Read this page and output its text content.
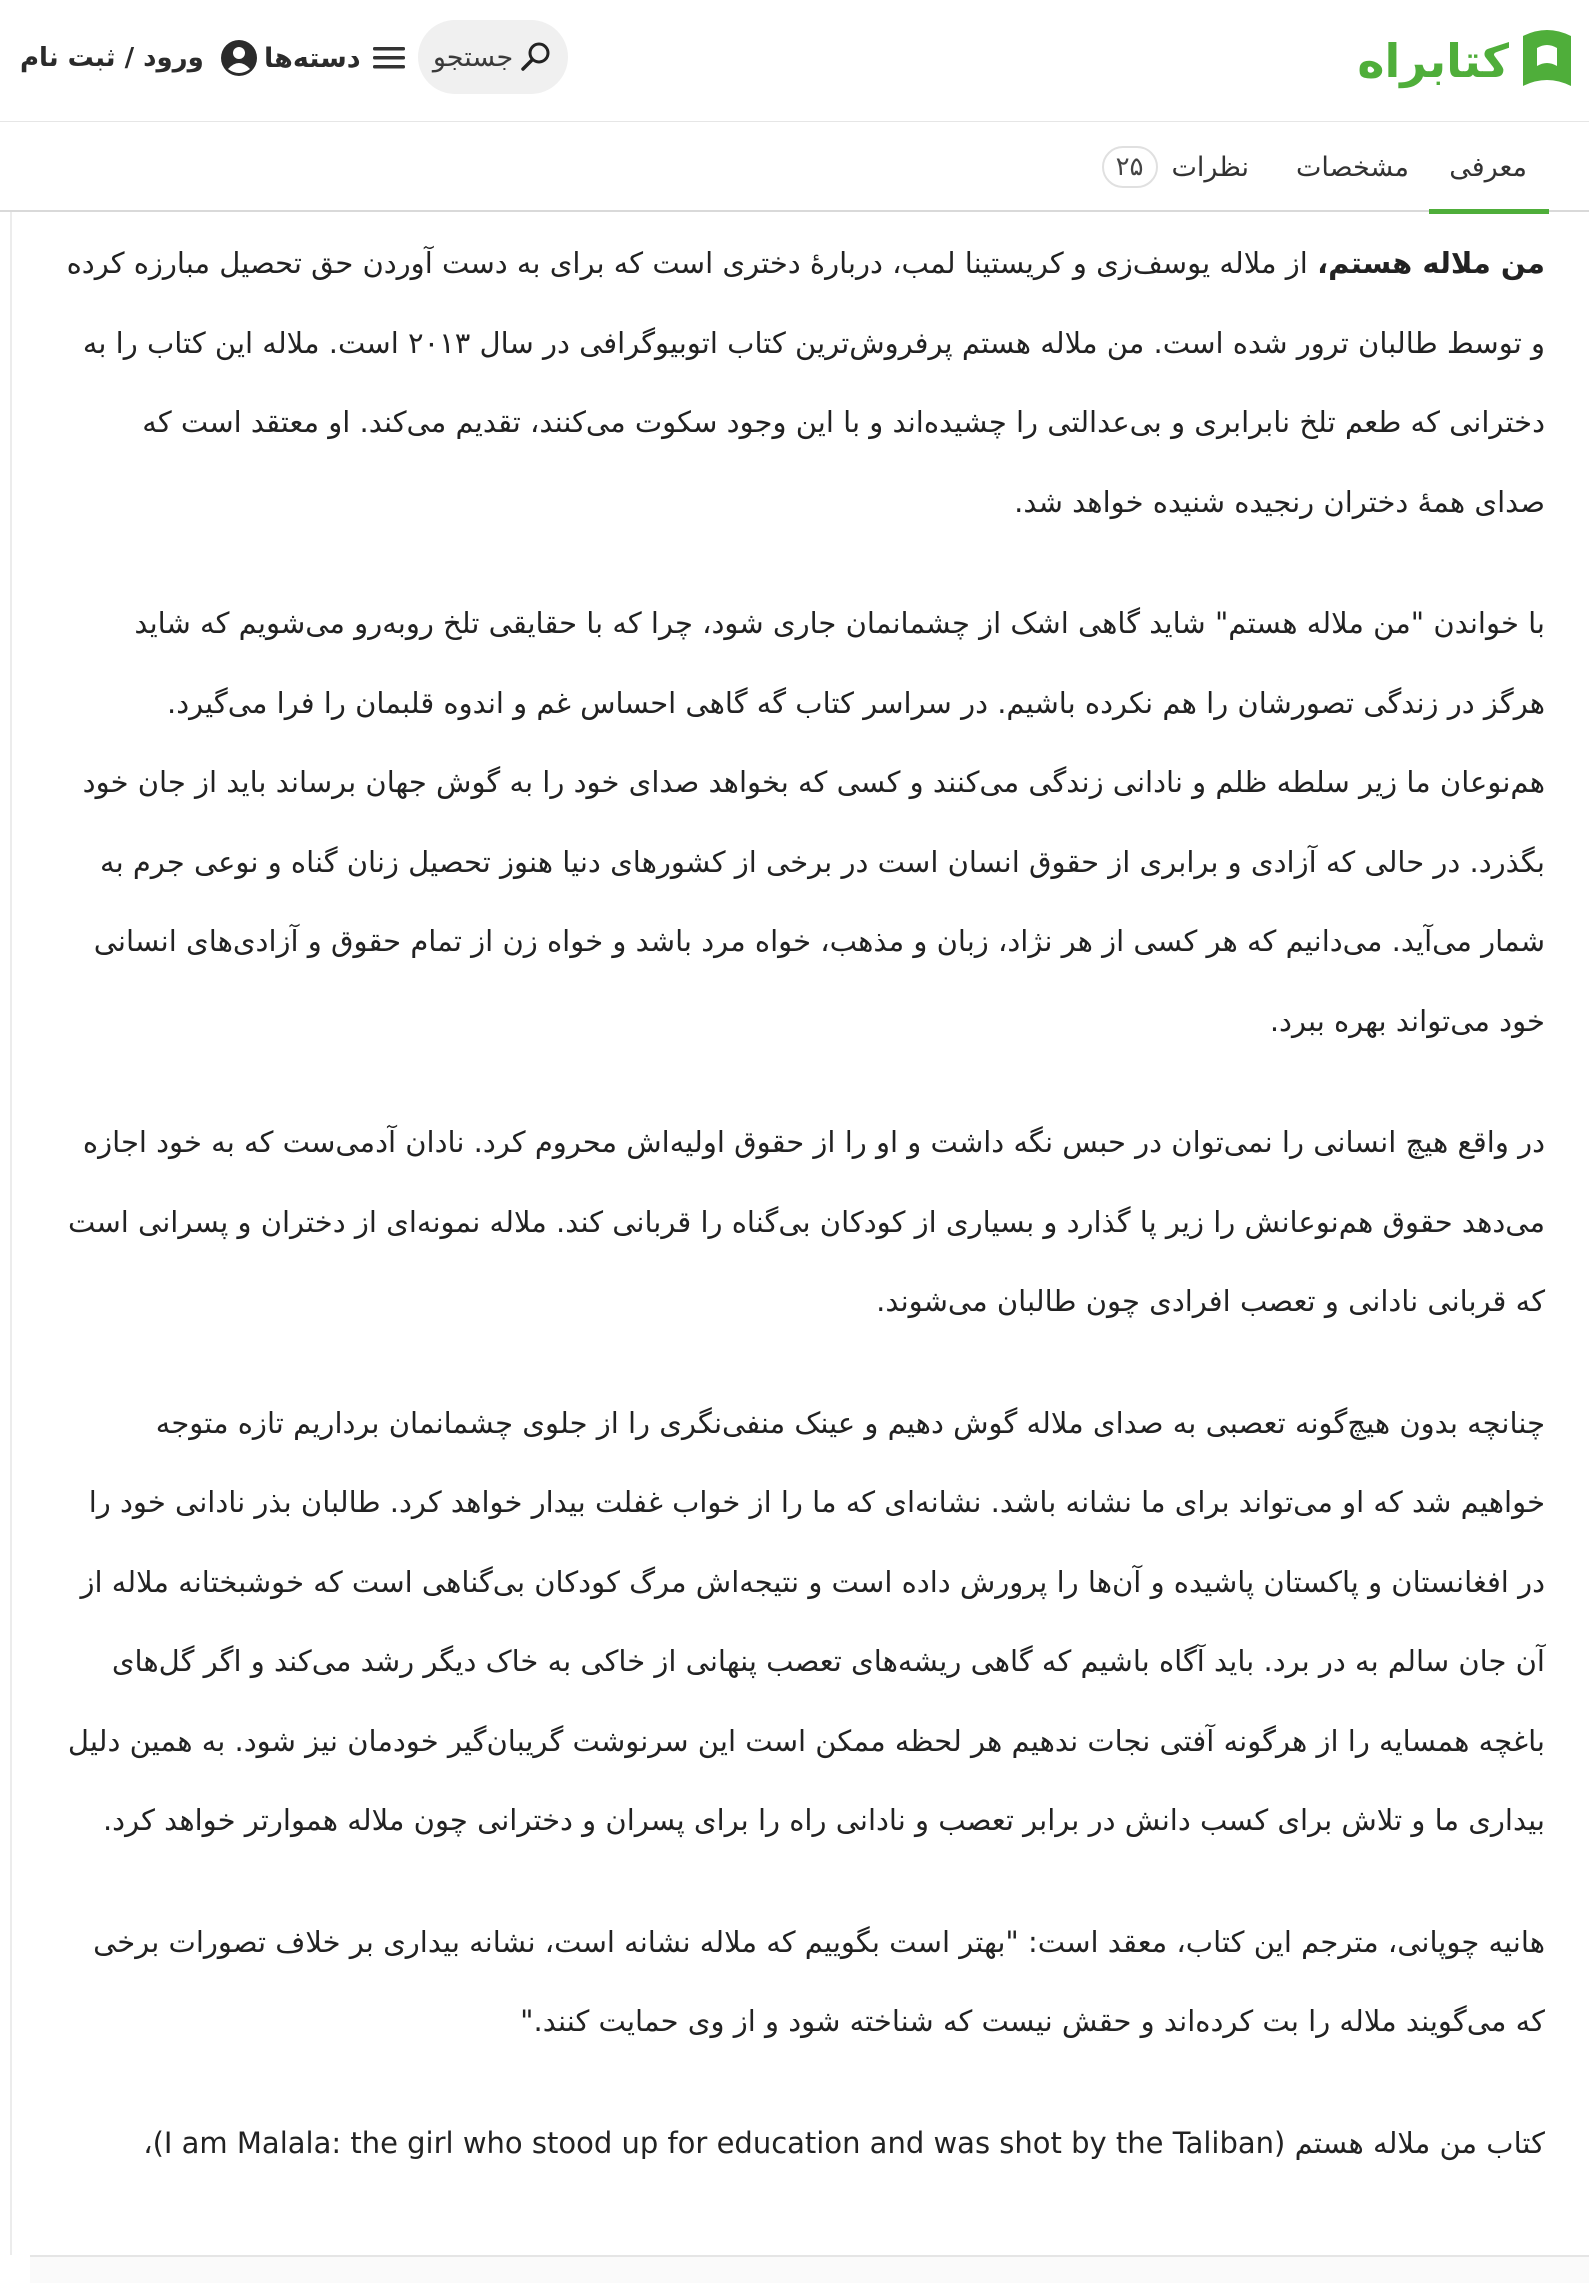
کتابراه
جستجو
دسته‌ها
ورود / ثبت نام
معرفی
مشخصات
نظرات
۲۵

من ملاله هستم، از ملاله یوسف‌زی و کریستینا لمب، دربارهٔ دختری است که برای به دست آوردن حق تحصیل مبارزه کرده و توسط طالبان ترور شده است. من ملاله هستم پرفروش‌ترین کتاب اتوبیوگرافی در سال ۲۰۱۳ است. ملاله این کتاب را به دخترانی که طعم تلخ نابرابری و بی‌عدالتی را چشیده‌اند و با این وجود سکوت می‌کنند، تقدیم می‌کند. او معتقد است که صدای همهٔ دختران رنجیده شنیده خواهد شد.

با خواندن "من ملاله هستم" شاید گاهی اشک از چشمانمان جاری شود، چرا که با حقایقی تلخ روبه‌رو می‌شویم که شاید هرگز در زندگی تصورشان را هم نکرده باشیم. در سراسر کتاب گه گاهی احساس غم و اندوه قلبمان را فرا می‌گیرد. هم‌نوعان ما زیر سلطه ظلم و نادانی زندگی می‌کنند و کسی که بخواهد صدای خود را به گوش جهان برساند باید از جان خود بگذرد. در حالی که آزادی و برابری از حقوق انسان است در برخی از کشورهای دنیا هنوز تحصیل زنان گناه و نوعی جرم به شمار می‌آید. می‌دانیم که هر کسی از هر نژاد، زبان و مذهب، خواه مرد باشد و خواه زن از تمام حقوق و آزادی‌های انسانی خود می‌تواند بهره ببرد.

در واقع هیچ انسانی را نمی‌توان در حبس نگه داشت و او را از حقوق اولیه‌اش محروم کرد. نادان آدمی‌ست که به خود اجازه می‌دهد حقوق هم‌نوعانش را زیر پا گذارد و بسیاری از کودکان بی‌گناه را قربانی کند. ملاله نمونه‌ای از دختران و پسرانی است که قربانی نادانی و تعصب افرادی چون طالبان می‌شوند.

چنانچه بدون هیچ‌گونه تعصبی به صدای ملاله گوش دهیم و عینک منفی‌نگری را از جلوی چشمانمان برداریم تازه متوجه خواهیم شد که او می‌تواند برای ما نشانه باشد. نشانه‌ای که ما را از خواب غفلت بیدار خواهد کرد. طالبان بذر نادانی خود را در افغانستان و پاکستان پاشیده و آن‌ها را پرورش داده است و نتیجه‌اش مرگ کودکان بی‌گناهی است که خوشبختانه ملاله از آن جان سالم به در برد. باید آگاه باشیم که گاهی ریشه‌های تعصب پنهانی از خاکی به خاک دیگر رشد می‌کند و اگر گل‌های باغچه همسایه را از هرگونه آفتی نجات ندهیم هر لحظه ممکن است این سرنوشت گریبان‌گیر خودمان نیز شود. به همین دلیل بیداری ما و تلاش برای کسب دانش در برابر تعصب و نادانی راه را برای پسران و دخترانی چون ملاله هموارتر خواهد کرد.

هانیه چوپانی، مترجم این کتاب، معقد است: "بهتر است بگوییم که ملاله نشانه است، نشانه بیداری بر خلاف تصورات برخی که می‌گویند ملاله را بت کرده‌اند و حقش نیست که شناخته شود و از وی حمایت کنند."

کتاب من ملاله هستم (I am Malala: the girl who stood up for education and was shot by the Taliban)،
